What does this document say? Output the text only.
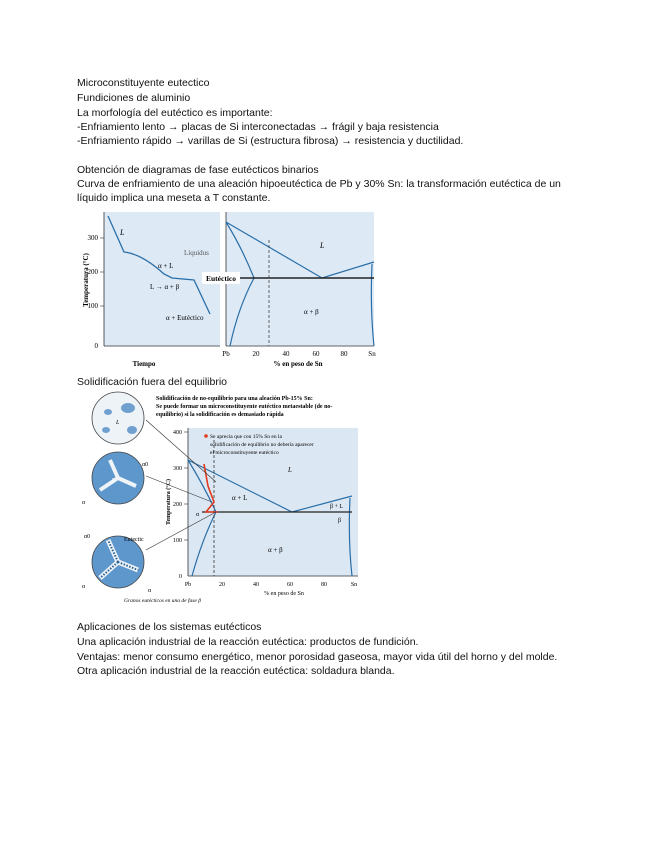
Microconstituyente eutectico
Fundiciones de aluminio
La morfología del eutéctico es importante:
-Enfriamiento lento → placas de Si interconectadas → frágil y baja resistencia
-Enfriamiento rápido → varillas de Si (estructura fibrosa) → resistencia y ductilidad.
Obtención de diagramas de fase eutécticos binarios
Curva de enfriamiento de una aleación hipoeutéctica de Pb y 30% Sn: la transformación eutéctica de un
líquido implica una meseta a T constante.
300
200
100
0
Temperatura (°C)
L
Líquidus
α + L
L → α + β
α + Eutéctico
Tiempo
Eutéctico
L
α + β
Pb	20	40	60	80	Sn
% en peso de Sn
Solidificación fuera del equilibrio
Solidificación de no-equilibrio para una aleación Pb-15% Sn:
Se puede formar un microconstituyente eutéctico metaestable (de no-
equilibrio) si la solidificación es demasiado rápida
L
L
α0
α
α0	Eutectic
α
α
400
300
200
100
0
Temperatura (°C)
Se aprecia que con 15% Sn en la
solidificación de equilibrio no debería aparecer
el microconstituyente eutéctico
L
α + L
β + L
α + β
α
β
Pb	20	40	60	80	Sn
% en peso de Sn
Granos eutécticos en una de fase β
Aplicaciones de los sistemas eutécticos
Una aplicación industrial de la reacción eutéctica: productos de fundición.
Ventajas: menor consumo energético, menor porosidad gaseosa, mayor vida útil del horno y del molde.
Otra aplicación industrial de la reacción eutéctica: soldadura blanda.
